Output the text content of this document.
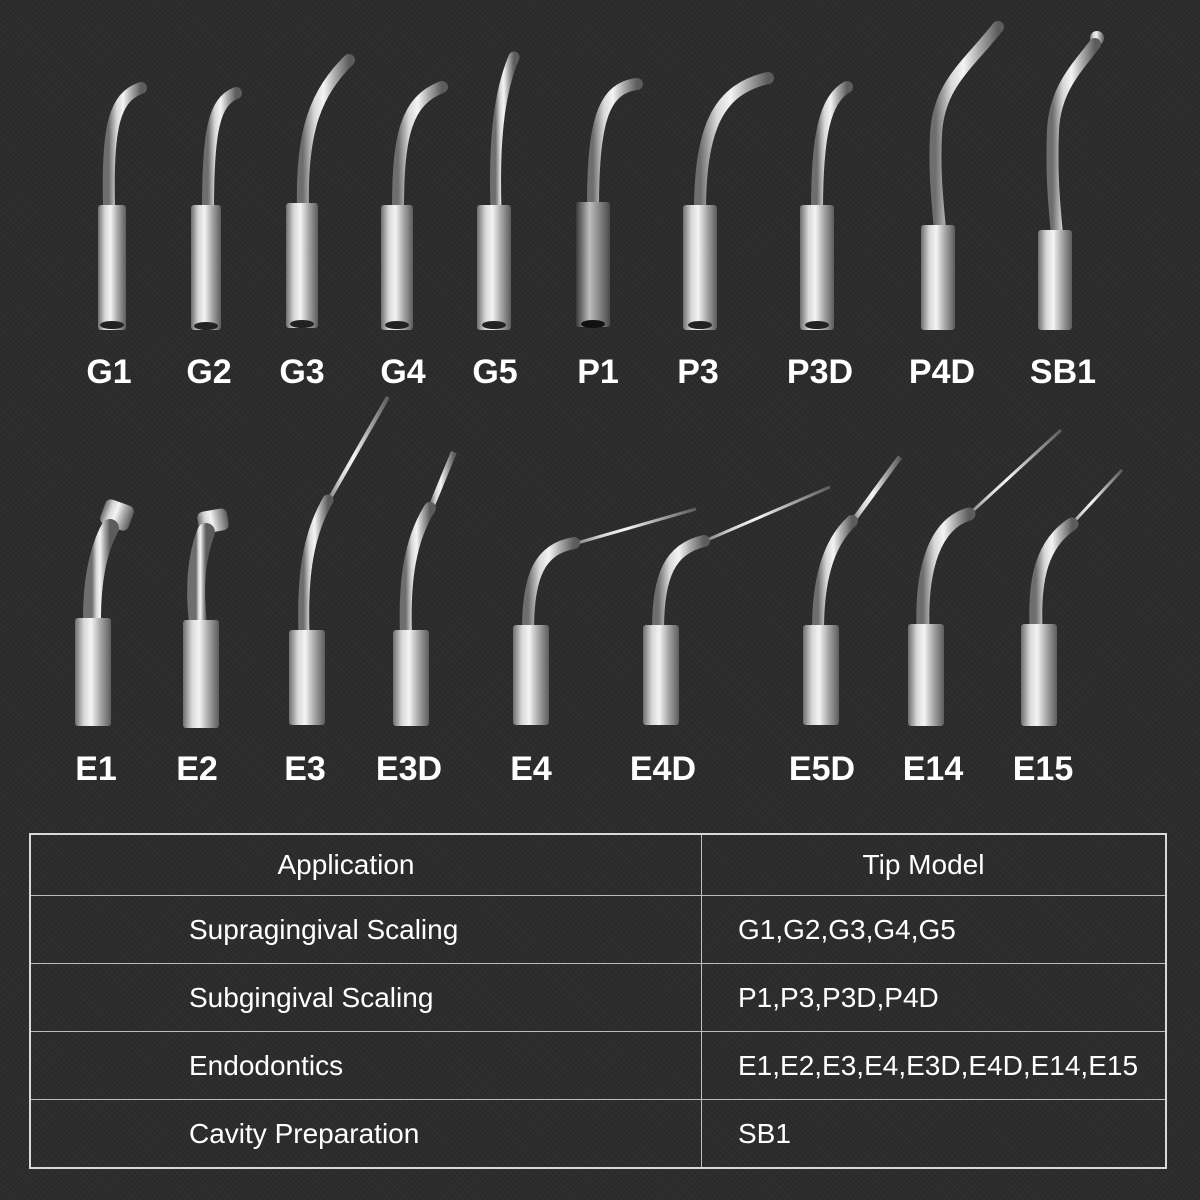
G1 G2 G3 G4 G5 P1 P3 P3D P4D SB1
E1 E2 E3 E3D E4 E4D	E5D E14 E15
Application	Tip Model
Supragingival Scaling	G1,G2,G3,G4,G5
Subgingival Scaling	P1,P3,P3D,P4D
Endodontics	E1,E2,E3,E4,E3D,E4D,E14,E15
Cavity Preparation	SB1
